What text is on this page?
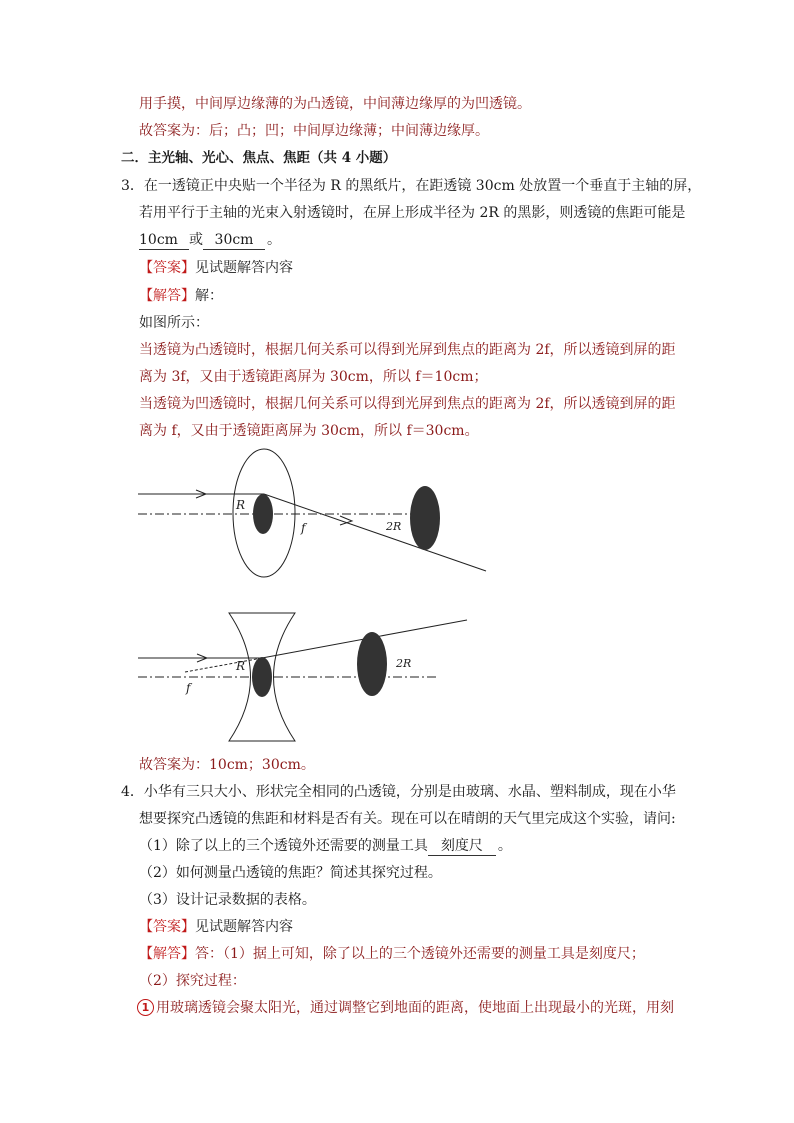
用手摸，中间厚边缘薄的为凸透镜，中间薄边缘厚的为凹透镜。
故答案为：后；凸；凹；中间厚边缘薄；中间薄边缘厚。
二．主光轴、光心、焦点、焦距（共 4 小题）
3．在一透镜正中央贴一个半径为 R 的黑纸片，在距透镜 30cm 处放置一个垂直于主轴的屏，
若用平行于主轴的光束入射透镜时，在屏上形成半径为 2R 的黑影，则透镜的焦距可能是
10cm 或 30cm 。
【答案】见试题解答内容
【解答】解：
如图所示：
当透镜为凸透镜时，根据几何关系可以得到光屏到焦点的距离为 2f，所以透镜到屏的距
离为 3f，又由于透镜距离屏为 30cm，所以 f＝10cm；
当透镜为凹透镜时，根据几何关系可以得到光屏到焦点的距离为 2f，所以透镜到屏的距
离为 f，又由于透镜距离屏为 30cm，所以 f＝30cm。
R
f	2R
R
f
2R
故答案为：10cm；30cm。
4．小华有三只大小、形状完全相同的凸透镜，分别是由玻璃、水晶、塑料制成，现在小华
想要探究凸透镜的焦距和材料是否有关。现在可以在晴朗的天气里完成这个实验，请问:
（1）除了以上的三个透镜外还需要的测量工具 刻度尺 。
（2）如何测量凸透镜的焦距？简述其探究过程。
（3）设计记录数据的表格。
【答案】见试题解答内容
【解答】答：（1）据上可知，除了以上的三个透镜外还需要的测量工具是刻度尺；
（2）探究过程：
1 用玻璃透镜会聚太阳光，通过调整它到地面的距离，使地面上出现最小的光斑，用刻
